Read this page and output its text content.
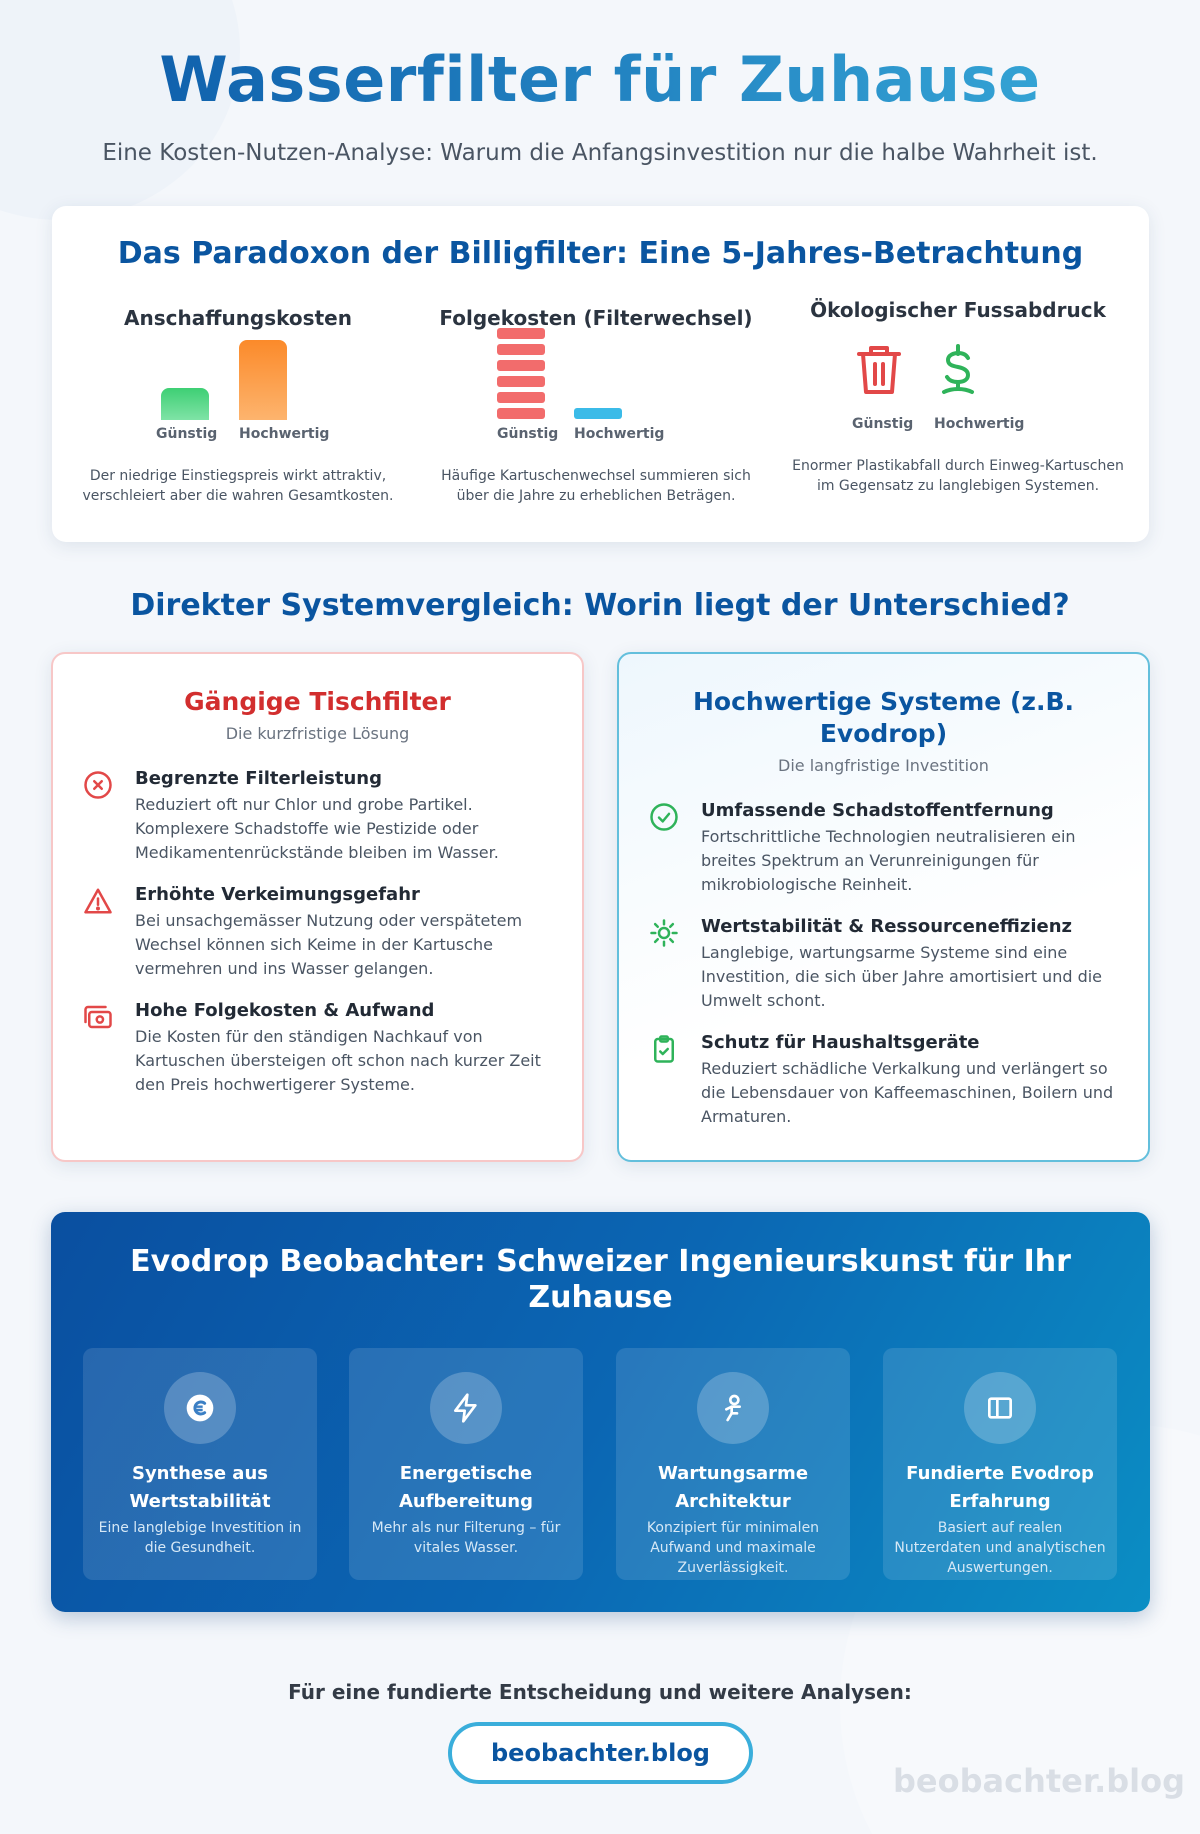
Wasserfilter für Zuhause

Eine Kosten-Nutzen-Analyse: Warum die Anfangsinvestition nur die halbe Wahrheit ist.

Das Paradoxon der Billigfilter: Eine 5-Jahres-Betrachtung
Anschaffungskosten
Günstig Hochwertig

Der niedrige Einstiegspreis wirkt attraktiv, verschleiert aber die wahren Gesamtkosten.

Günstig Hochwertig
Folgekosten (Filterwechsel)

Häufige Kartuschenwechsel summieren sich über die Jahre zu erheblichen Beträgen.

Ökologischer Fussabdruck
Günstig Hochwertig

Enormer Plastikabfall durch Einweg-Kartuschen im Gegensatz zu langlebigen Systemen.

Direkter Systemvergleich: Worin liegt der Unterschied?
Gängige Tischfilter
Die kurzfristige Lösung
Begrenzte Filterleistung
Reduziert oft nur Chlor und grobe Partikel. Komplexere Schadstoffe wie Pestizide oder Medikamentenrückstände bleiben im Wasser.
Erhöhte Verkeimungsgefahr
Bei unsachgemässer Nutzung oder verspätetem Wechsel können sich Keime in der Kartusche vermehren und ins Wasser gelangen.
Hohe Folgekosten & Aufwand
Die Kosten für den ständigen Nachkauf von Kartuschen übersteigen oft schon nach kurzer Zeit den Preis hochwertigerer Systeme.
Hochwertige Systeme (z.B. Evodrop)
Die langfristige Investition
Umfassende Schadstoffentfernung
Fortschrittliche Technologien neutralisieren ein breites Spektrum an Verunreinigungen für mikrobiologische Reinheit.
Wertstabilität & Ressourceneffizienz
Langlebige, wartungsarme Systeme sind eine Investition, die sich über Jahre amortisiert und die Umwelt schont.
Schutz für Haushaltsgeräte
Reduziert schädliche Verkalkung und verlängert so die Lebensdauer von Kaffeemaschinen, Boilern und Armaturen.
Evodrop Beobachter: Schweizer Ingenieurskunst für Ihr Zuhause
Synthese aus Wertstabilität
Eine langlebige Investition in die Gesundheit.
Energetische Aufbereitung
Mehr als nur Filterung – für vitales Wasser.
Wartungsarme Architektur
Konzipiert für minimalen Aufwand und maximale Zuverlässigkeit.
Fundierte Evodrop Erfahrung
Basiert auf realen Nutzerdaten und analytischen Auswertungen.

Für eine fundierte Entscheidung und weitere Analysen:

beobachter.blog
beobachter.blog
